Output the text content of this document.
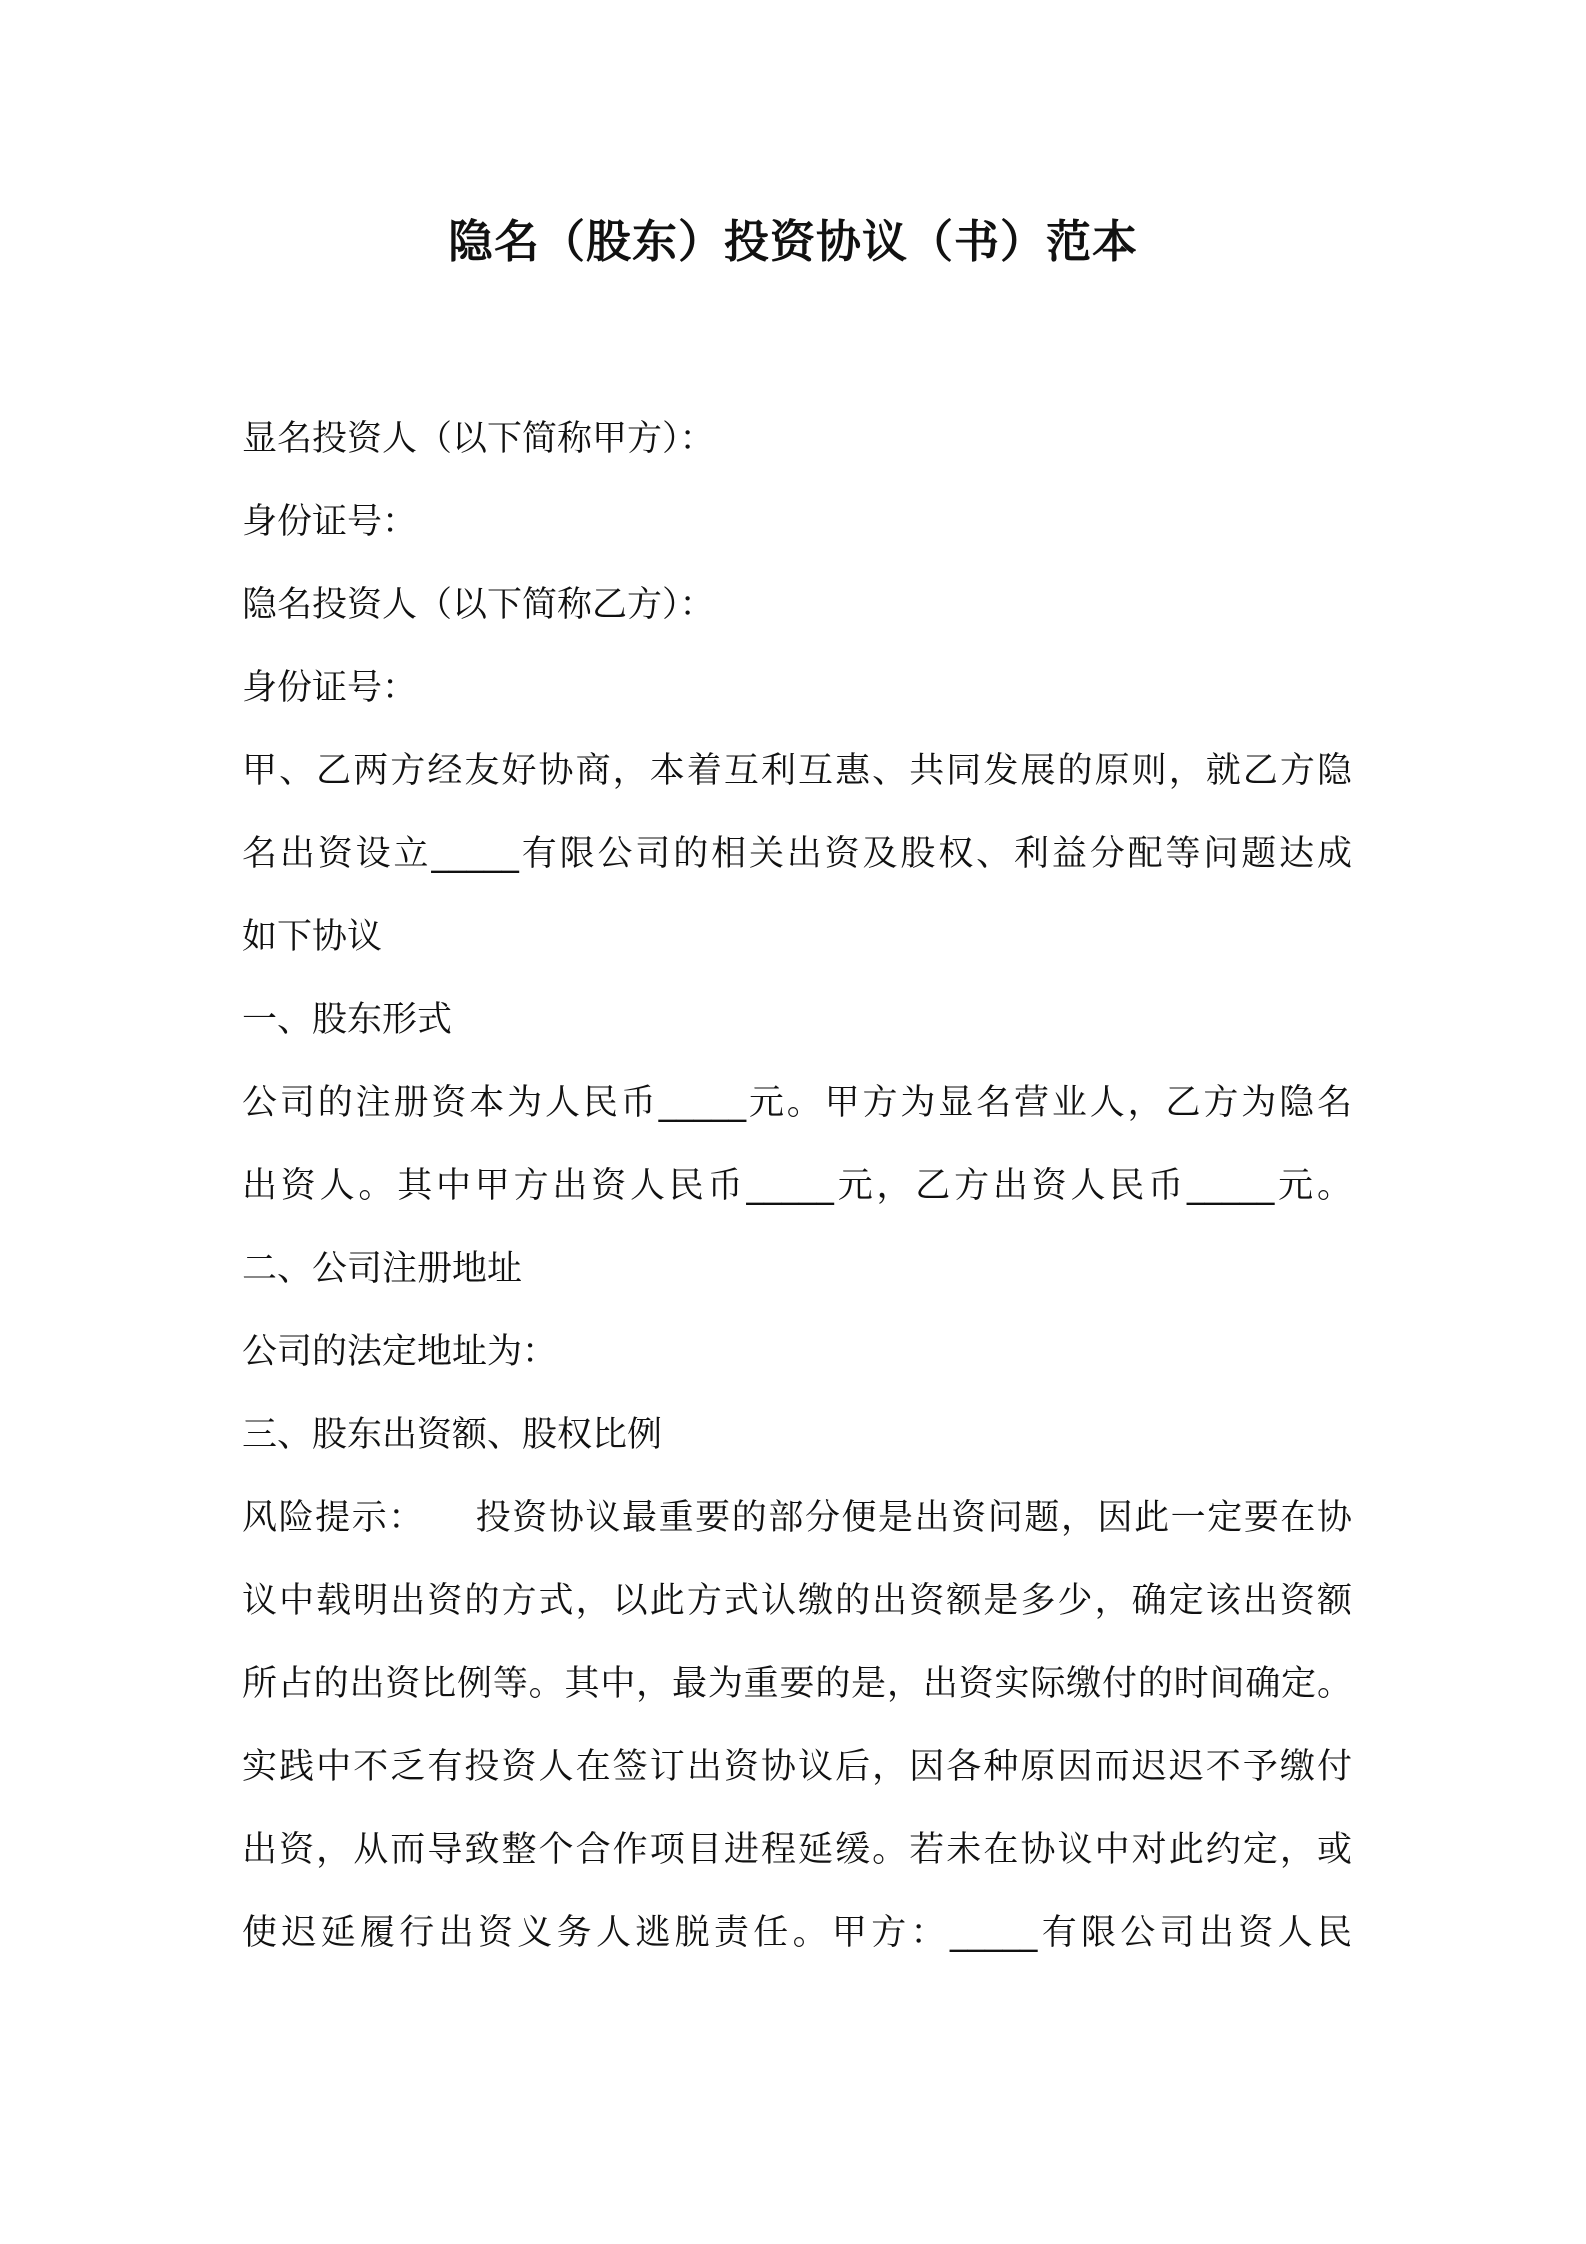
隐名（股东）投资协议（书）范本
显名投资人（以下简称甲方）：
身份证号：
隐名投资人（以下简称乙方）：
身份证号：
甲、乙两方经友好协商，本着互利互惠、共同发展的原则，就乙方隐
名出资设立_____有限公司的相关出资及股权、利益分配等问题达成
如下协议
一、股东形式
公司的注册资本为人民币_____元。甲方为显名营业人，乙方为隐名
出资人。其中甲方出资人民币_____元，乙方出资人民币_____元。
二、公司注册地址
公司的法定地址为：
三、股东出资额、股权比例
风险提示：    投资协议最重要的部分便是出资问题，因此一定要在协
议中载明出资的方式，以此方式认缴的出资额是多少，确定该出资额
所占的出资比例等。其中，最为重要的是，出资实际缴付的时间确定。
实践中不乏有投资人在签订出资协议后，因各种原因而迟迟不予缴付
出资，从而导致整个合作项目进程延缓。若未在协议中对此约定，或
使迟延履行出资义务人逃脱责任。甲方：_____有限公司出资人民
